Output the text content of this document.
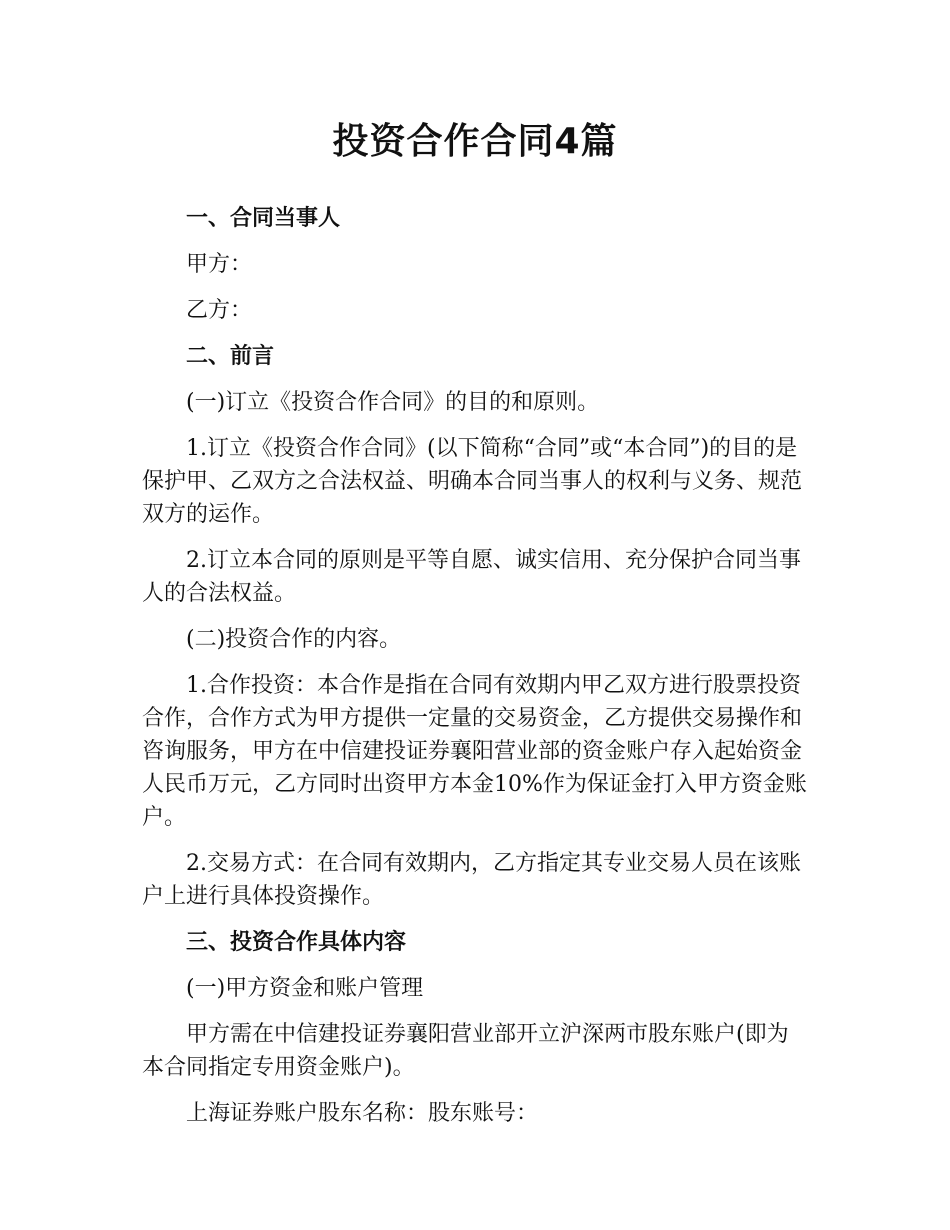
投资合作合同4篇
一、合同当事人
甲方：
乙方：
二、前言
(一)订立《投资合作合同》的目的和原则。
1.订立《投资合作合同》(以下简称“合同”或“本合同”)的目的是保护甲、乙双方之合法权益、明确本合同当事人的权利与义务、规范双方的运作。
2.订立本合同的原则是平等自愿、诚实信用、充分保护合同当事人的合法权益。
(二)投资合作的内容。
1.合作投资：本合作是指在合同有效期内甲乙双方进行股票投资合作，合作方式为甲方提供一定量的交易资金，乙方提供交易操作和咨询服务，甲方在中信建投证券襄阳营业部的资金账户存入起始资金人民币万元，乙方同时出资甲方本金10%作为保证金打入甲方资金账户。
2.交易方式：在合同有效期内，乙方指定其专业交易人员在该账户上进行具体投资操作。
三、投资合作具体内容
(一)甲方资金和账户管理
甲方需在中信建投证券襄阳营业部开立沪深两市股东账户(即为本合同指定专用资金账户)。
上海证券账户股东名称：股东账号：
